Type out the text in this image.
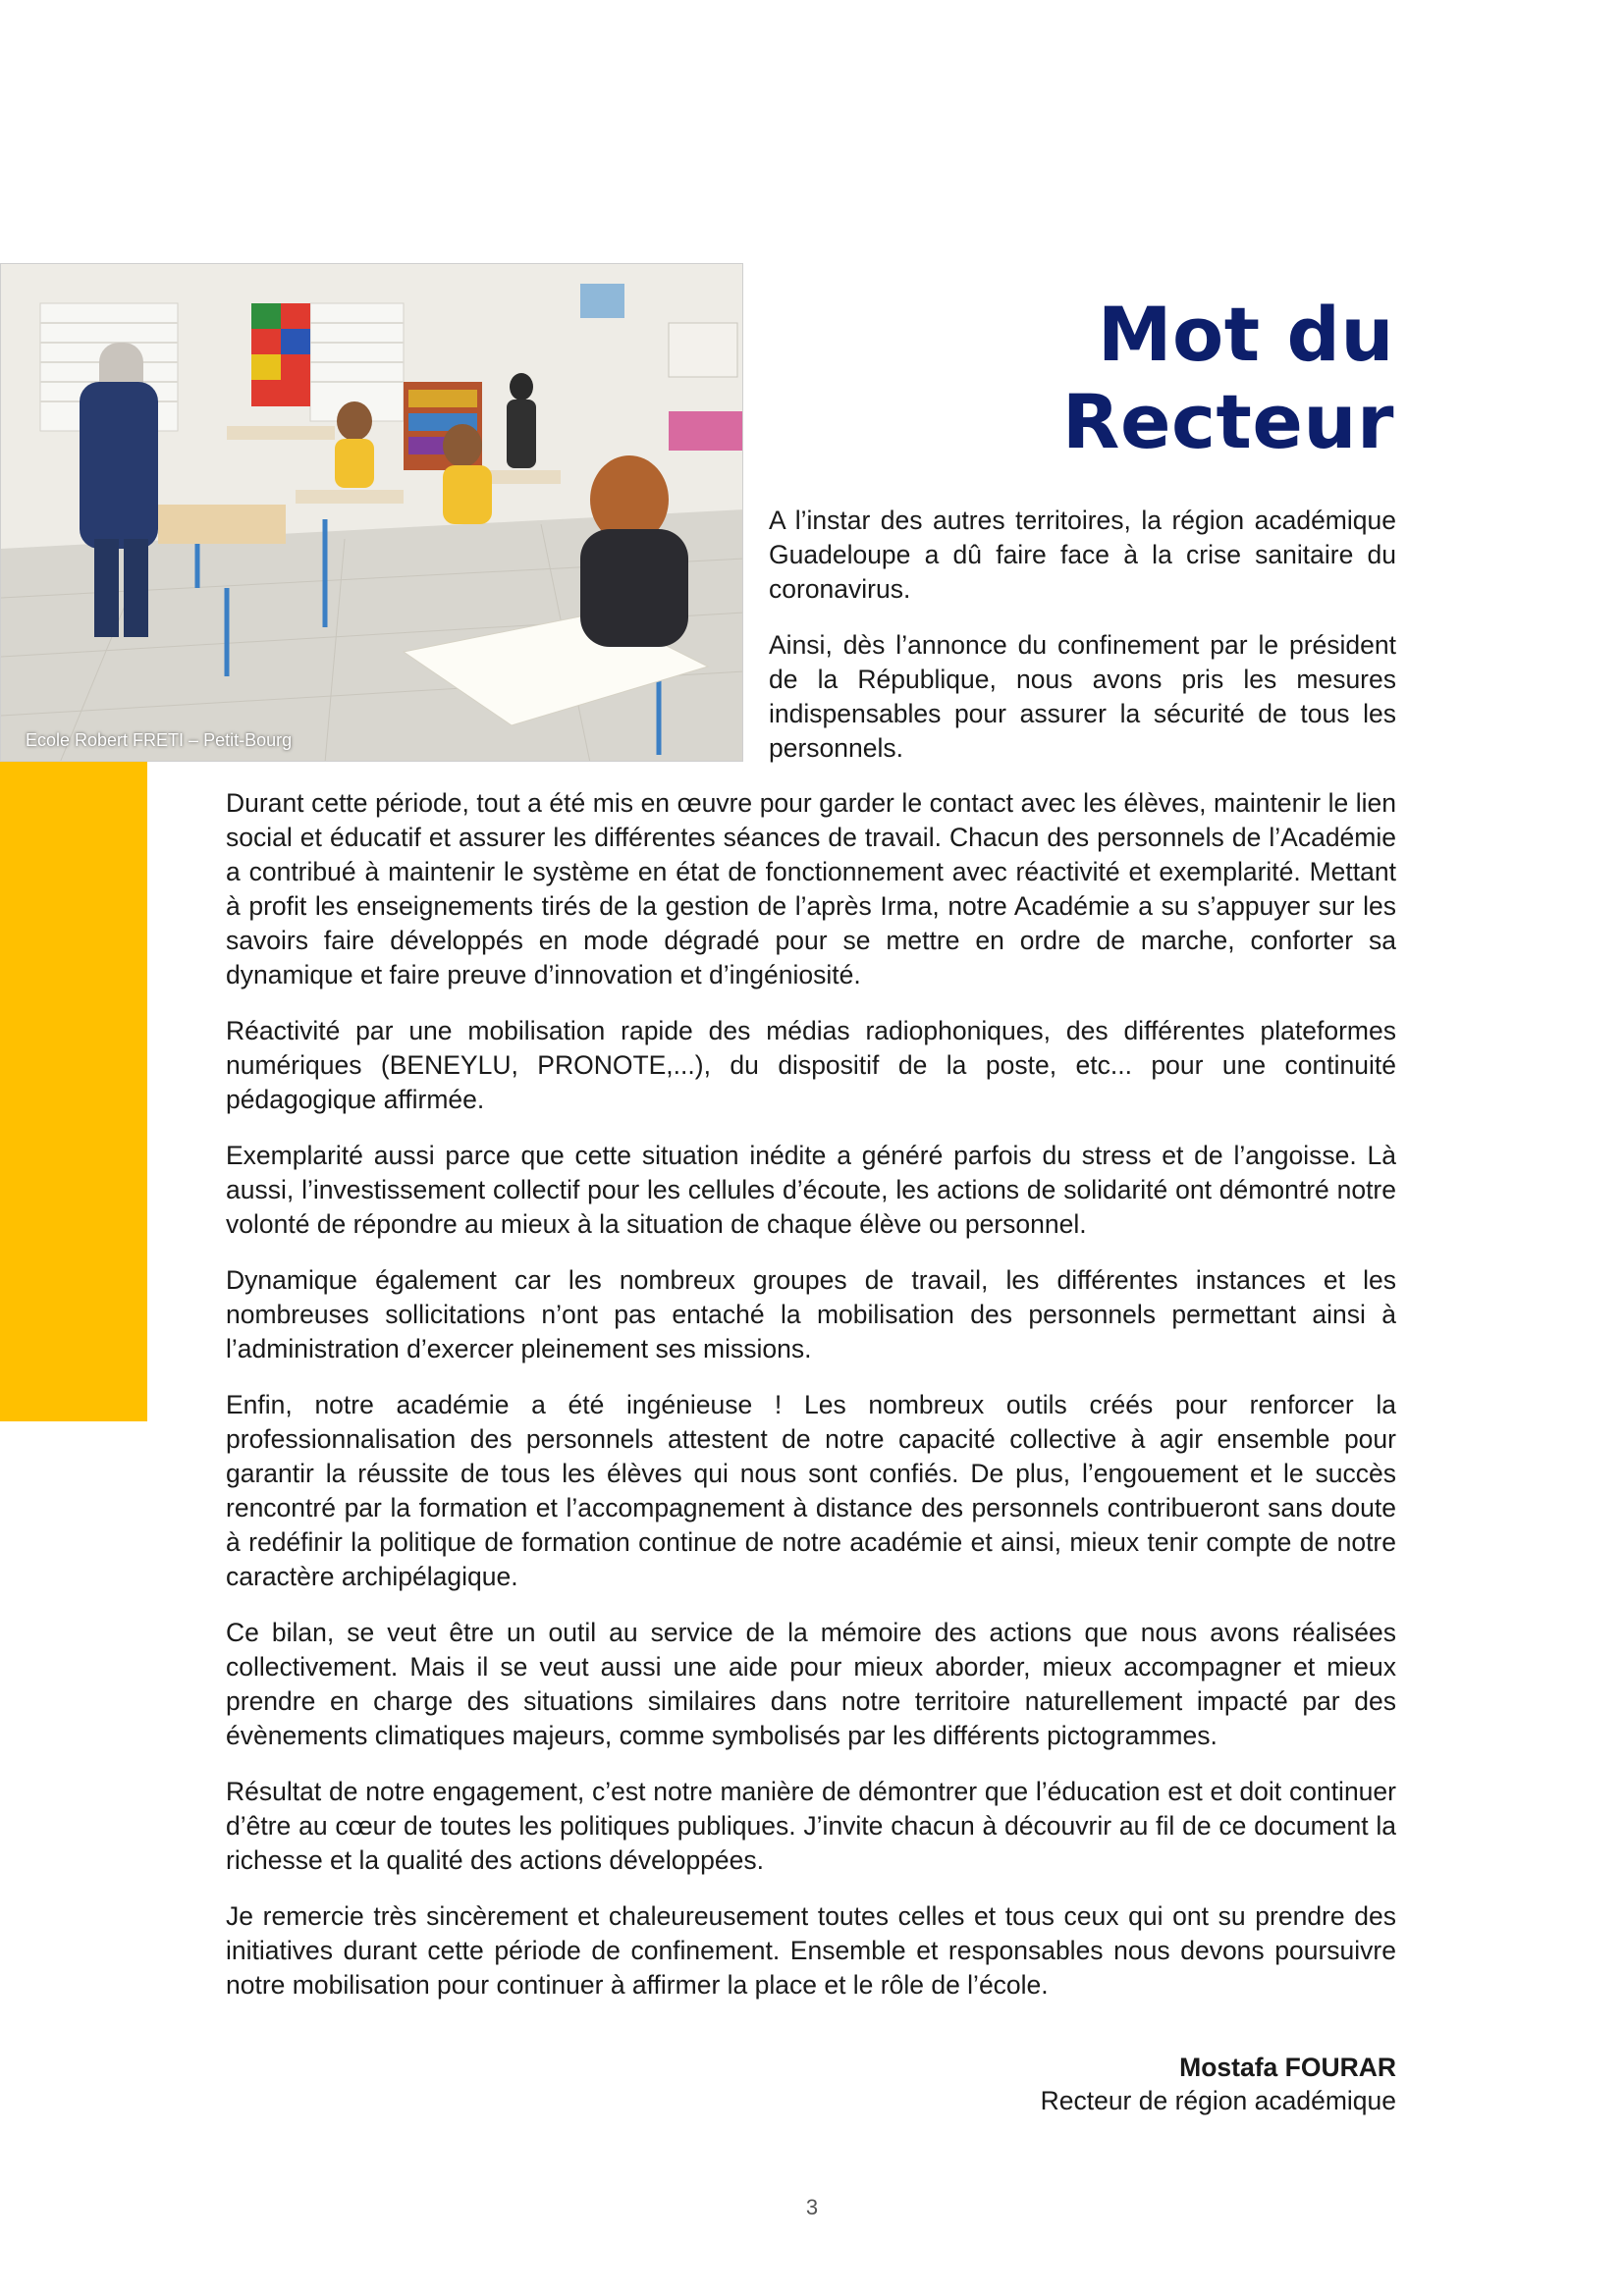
Ecole Robert FRETI – Petit-Bourg
Mot du Recteur

A l’instar des autres territoires, la région académique Guadeloupe a dû faire face à la crise sanitaire du coronavirus.

Ainsi, dès l’annonce du confinement par le président de la République, nous avons pris les mesures indispensables pour assurer la sécurité de tous les personnels.

Durant cette période, tout a été mis en œuvre pour garder le contact avec les élèves, maintenir le lien social et éducatif et assurer les différentes séances de travail. Chacun des personnels de l’Académie a contribué à maintenir le système en état de fonctionnement avec réactivité et exemplarité. Mettant à profit les enseignements tirés de la gestion de l’après Irma, notre Académie a su s’appuyer sur les savoirs faire développés en mode dégradé pour se mettre en ordre de marche, conforter sa dynamique et faire preuve d’innovation et d’ingéniosité.

Réactivité par une mobilisation rapide des médias radiophoniques, des différentes plateformes numériques (BENEYLU, PRONOTE,...), du dispositif de la poste, etc... pour une continuité pédagogique affirmée.

Exemplarité aussi parce que cette situation inédite a généré parfois du stress et de l’angoisse. Là aussi, l’investissement collectif pour les cellules d’écoute, les actions de solidarité ont démontré notre volonté de répondre au mieux à la situation de chaque élève ou personnel.

Dynamique également car les nombreux groupes de travail, les différentes instances et les nombreuses sollicitations n’ont pas entaché la mobilisation des personnels permettant ainsi à l’administration d’exercer pleinement ses missions.

Enfin, notre académie a été ingénieuse ! Les nombreux outils créés pour renforcer la professionnalisation des personnels attestent de notre capacité collective à agir ensemble pour garantir la réussite de tous les élèves qui nous sont confiés. De plus, l’engouement et le succès rencontré par la formation et l’accompagnement à distance des personnels contribueront sans doute à redéfinir la politique de formation continue de notre académie et ainsi, mieux tenir compte de notre caractère archipélagique.

Ce bilan, se veut être un outil au service de la mémoire des actions que nous avons réalisées collectivement. Mais il se veut aussi une aide pour mieux aborder, mieux accompagner et mieux prendre en charge des situations similaires dans notre territoire naturellement impacté par des évènements climatiques majeurs, comme symbolisés par les différents pictogrammes.

Résultat de notre engagement, c’est notre manière de démontrer que l’éducation est et doit continuer d’être au cœur de toutes les politiques publiques. J’invite chacun à découvrir au fil de ce document la richesse et la qualité des actions développées.

Je remercie très sincèrement et chaleureusement toutes celles et tous ceux qui ont su prendre des initiatives durant cette période de confinement. Ensemble et responsables nous devons poursuivre notre mobilisation pour continuer à affirmer la place et le rôle de l’école.

Mostafa FOURAR
Recteur de région académique
3
